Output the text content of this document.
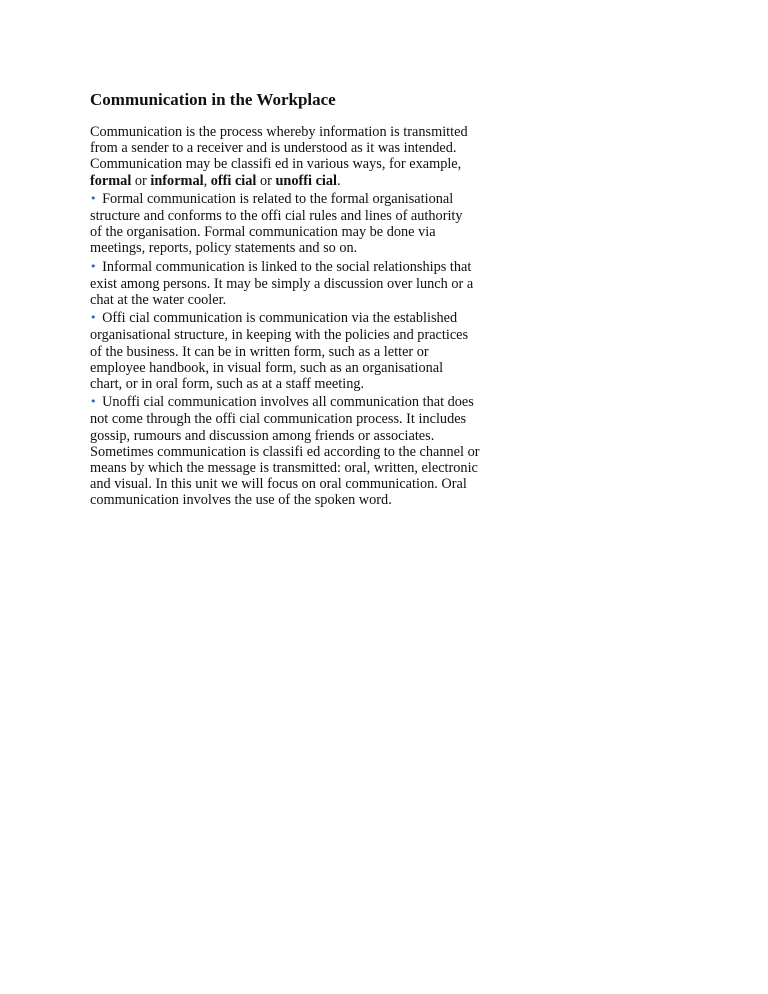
Communication in the Workplace
Communication is the process whereby information is transmitted
from a sender to a receiver and is understood as it was intended.
Communication may be classifi ed in various ways, for example,
formal or informal, offi cial or unoffi cial.
• Formal communication is related to the formal organisational
structure and conforms to the offi cial rules and lines of authority
of the organisation. Formal communication may be done via
meetings, reports, policy statements and so on.
• Informal communication is linked to the social relationships that
exist among persons. It may be simply a discussion over lunch or a
chat at the water cooler.
• Offi cial communication is communication via the established
organisational structure, in keeping with the policies and practices
of the business. It can be in written form, such as a letter or
employee handbook, in visual form, such as an organisational
chart, or in oral form, such as at a staff meeting.
• Unoffi cial communication involves all communication that does
not come through the offi cial communication process. It includes
gossip, rumours and discussion among friends or associates.
Sometimes communication is classifi ed according to the channel or
means by which the message is transmitted: oral, written, electronic
and visual. In this unit we will focus on oral communication. Oral
communication involves the use of the spoken word.
